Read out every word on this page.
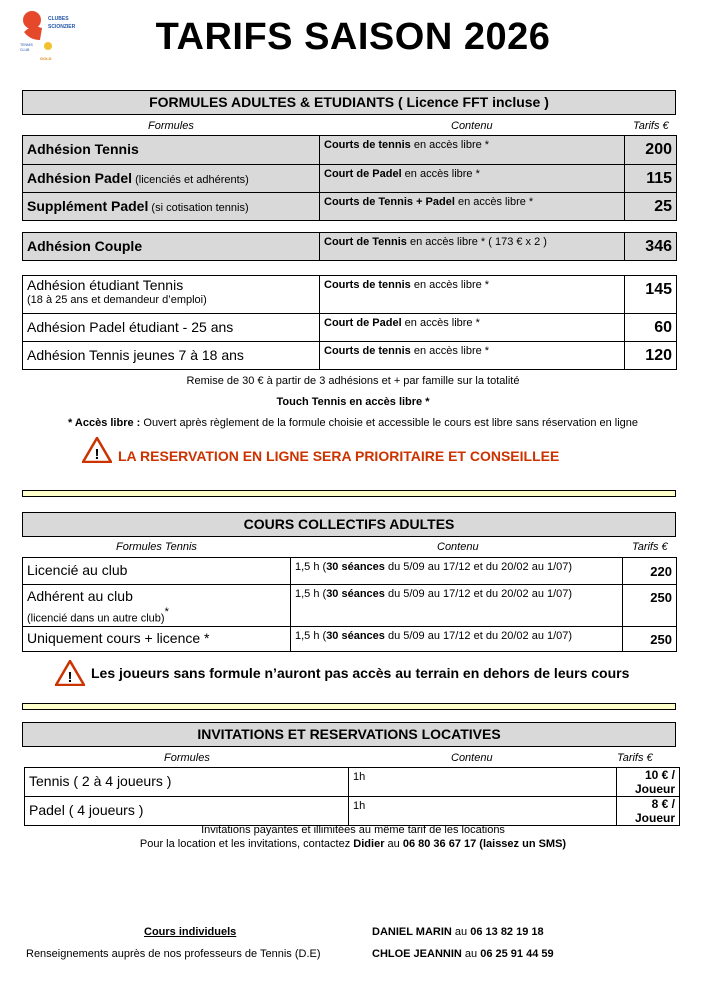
CLUBES
SCIONZIER
TENNIS
CLUB
GOLD
TARIFS SAISON 2026
FORMULES ADULTES & ETUDIANTS ( Licence FFT incluse )
Formules	Contenu	Tarifs €
Adhésion Tennis	Courts de tennis en accès libre *	200
Adhésion Padel (licenciés et adhérents)	Court de Padel en accès libre *	115
Supplément Padel (si cotisation tennis)	Courts de Tennis + Padel en accès libre *	25
Adhésion Couple	Court de Tennis en accès libre * ( 173 € x 2 )	346
Adhésion étudiant Tennis
(18 à 25 ans et demandeur d’emploi)	Courts de tennis en accès libre *	145
Adhésion Padel étudiant - 25 ans	Court de Padel en accès libre *	60
Adhésion Tennis jeunes 7 à 18 ans	Courts de tennis en accès libre *	120
Remise de 30 € à partir de 3 adhésions et + par famille sur la totalité
Touch Tennis en accès libre *
* Accès libre : Ouvert après règlement de la formule choisie et accessible le cours est libre sans réservation en ligne
! LA RESERVATION EN LIGNE SERA PRIORITAIRE ET CONSEILLEE
COURS COLLECTIFS ADULTES
Formules Tennis	Contenu	Tarifs €
Licencié au club	1,5 h (30 séances du 5/09 au 17/12 et du 20/02 au 1/07)	220

Adhérent au club
(licencié dans un autre club)*	1,5 h (30 séances du 5/09 au 17/12 et du 20/02 au 1/07)	250
Uniquement cours + licence *	1,5 h (30 séances du 5/09 au 17/12 et du 20/02 au 1/07)	250
! Les joueurs sans formule n’auront pas accès au terrain en dehors de leurs cours
INVITATIONS ET RESERVATIONS LOCATIVES
Formules	Contenu	Tarifs €
Tennis ( 2 à 4 joueurs )	1h	10 € / Joueur
Padel ( 4 joueurs )	1h	8 € / Joueur
Invitations payantes et illimitées au même tarif de les locations
Pour la location et les invitations, contactez Didier au 06 80 36 67 17 (laissez un SMS)
Cours individuels	DANIEL MARIN au 06 13 82 19 18
Renseignements auprès de nos professeurs de Tennis (D.E)	CHLOE JEANNIN au 06 25 91 44 59
